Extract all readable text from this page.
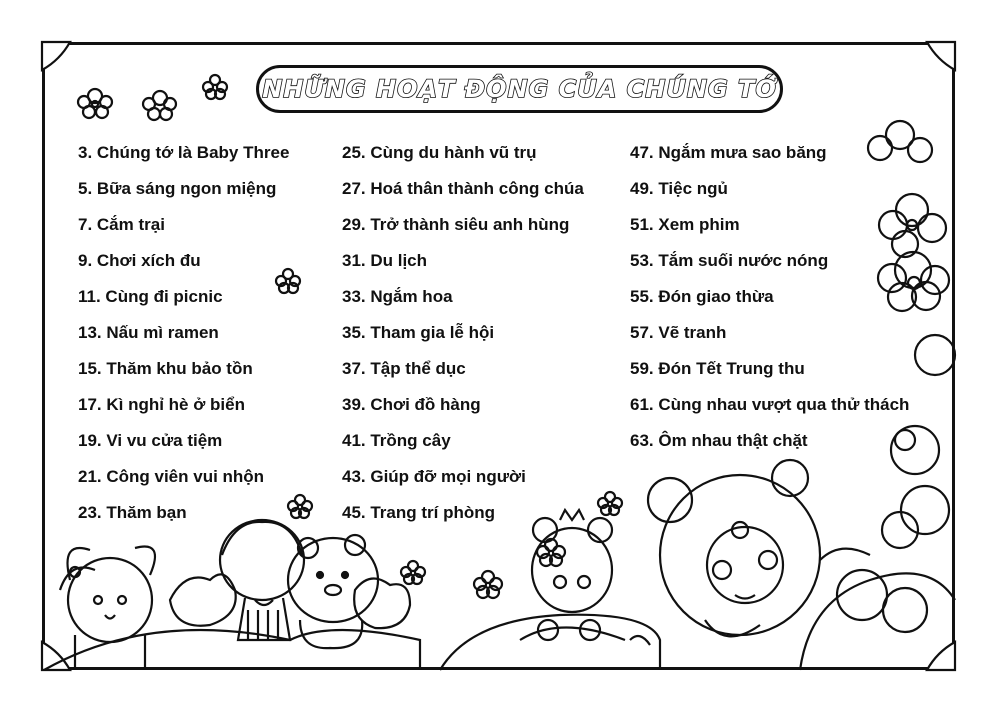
NHỮNG HOẠT ĐỘNG CỦA CHÚNG TỚ
3. Chúng tớ là Baby Three
5. Bữa sáng ngon miệng
7. Cắm trại
9. Chơi xích đu
11. Cùng đi picnic
13. Nấu mì ramen
15. Thăm khu bảo tồn
17. Kì nghỉ hè ở biển
19. Vi vu cửa tiệm
21. Công viên vui nhộn
23. Thăm bạn
25. Cùng du hành vũ trụ
27. Hoá thân thành công chúa
29. Trở thành siêu anh hùng
31. Du lịch
33. Ngắm hoa
35. Tham gia lễ hội
37. Tập thể dục
39. Chơi đồ hàng
41. Trồng cây
43. Giúp đỡ mọi người
45. Trang trí phòng
47. Ngắm mưa sao băng
49. Tiệc ngủ
51. Xem phim
53. Tắm suối nước nóng
55. Đón giao thừa
57. Vẽ tranh
59. Đón Tết Trung thu
61. Cùng nhau vượt qua thử thách
63. Ôm nhau thật chặt
